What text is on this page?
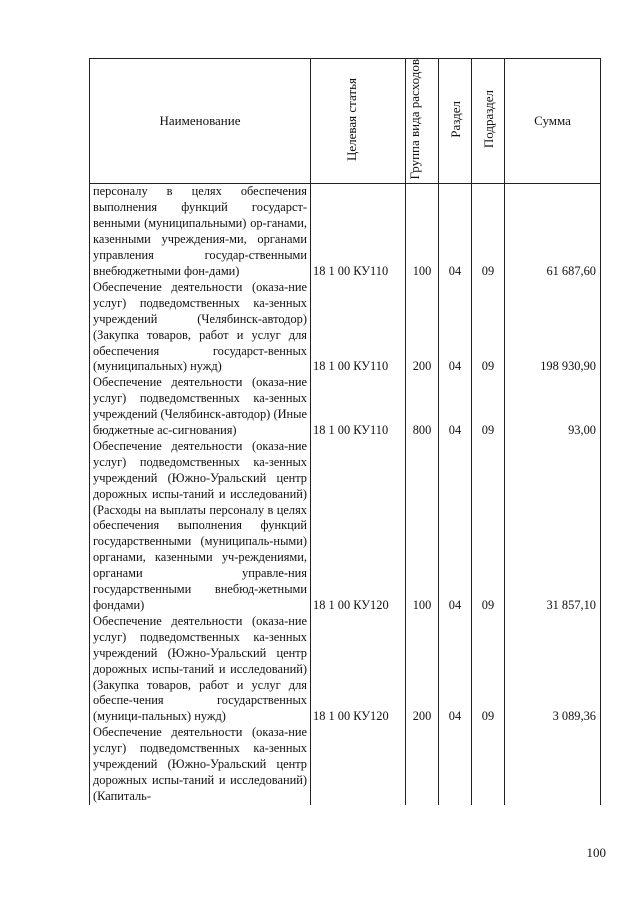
Наименование	Целевая статья	Группа вида расходов	Раздел	Подраздел	Сумма
персоналу в целях обеспечения выполнения функций государст-венными (муниципальными) ор-ганами, казенными учреждения-ми, органами управления государ-ственными внебюджетными фон-дами)	18 1 00 КУ110	100	04	09	61 687,60
Обеспечение деятельности (оказа-ние услуг) подведомственных ка-зенных учреждений (Челябинск-автодор) (Закупка товаров, работ и услуг для обеспечения государст-венных (муниципальных) нужд)	18 1 00 КУ110	200	04	09	198 930,90
Обеспечение деятельности (оказа-ние услуг) подведомственных ка-зенных учреждений (Челябинск-автодор) (Иные бюджетные ас-сигнования)	18 1 00 КУ110	800	04	09	93,00
Обеспечение деятельности (оказа-ние услуг) подведомственных ка-зенных учреждений (Южно-Уральский центр дорожных испы-таний и исследований) (Расходы на выплаты персоналу в целях обеспечения выполнения функций государственными (муниципаль-ными) органами, казенными уч-реждениями, органами управле-ния государственными внебюд-жетными фондами)	18 1 00 КУ120	100	04	09	31 857,10
Обеспечение деятельности (оказа-ние услуг) подведомственных ка-зенных учреждений (Южно-Уральский центр дорожных испы-таний и исследований) (Закупка товаров, работ и услуг для обеспе-чения государственных (муници-пальных) нужд)	18 1 00 КУ120	200	04	09	3 089,36
Обеспечение деятельности (оказа-ние услуг) подведомственных ка-зенных учреждений (Южно-Уральский центр дорожных испы-таний и исследований) (Капиталь-					
100
